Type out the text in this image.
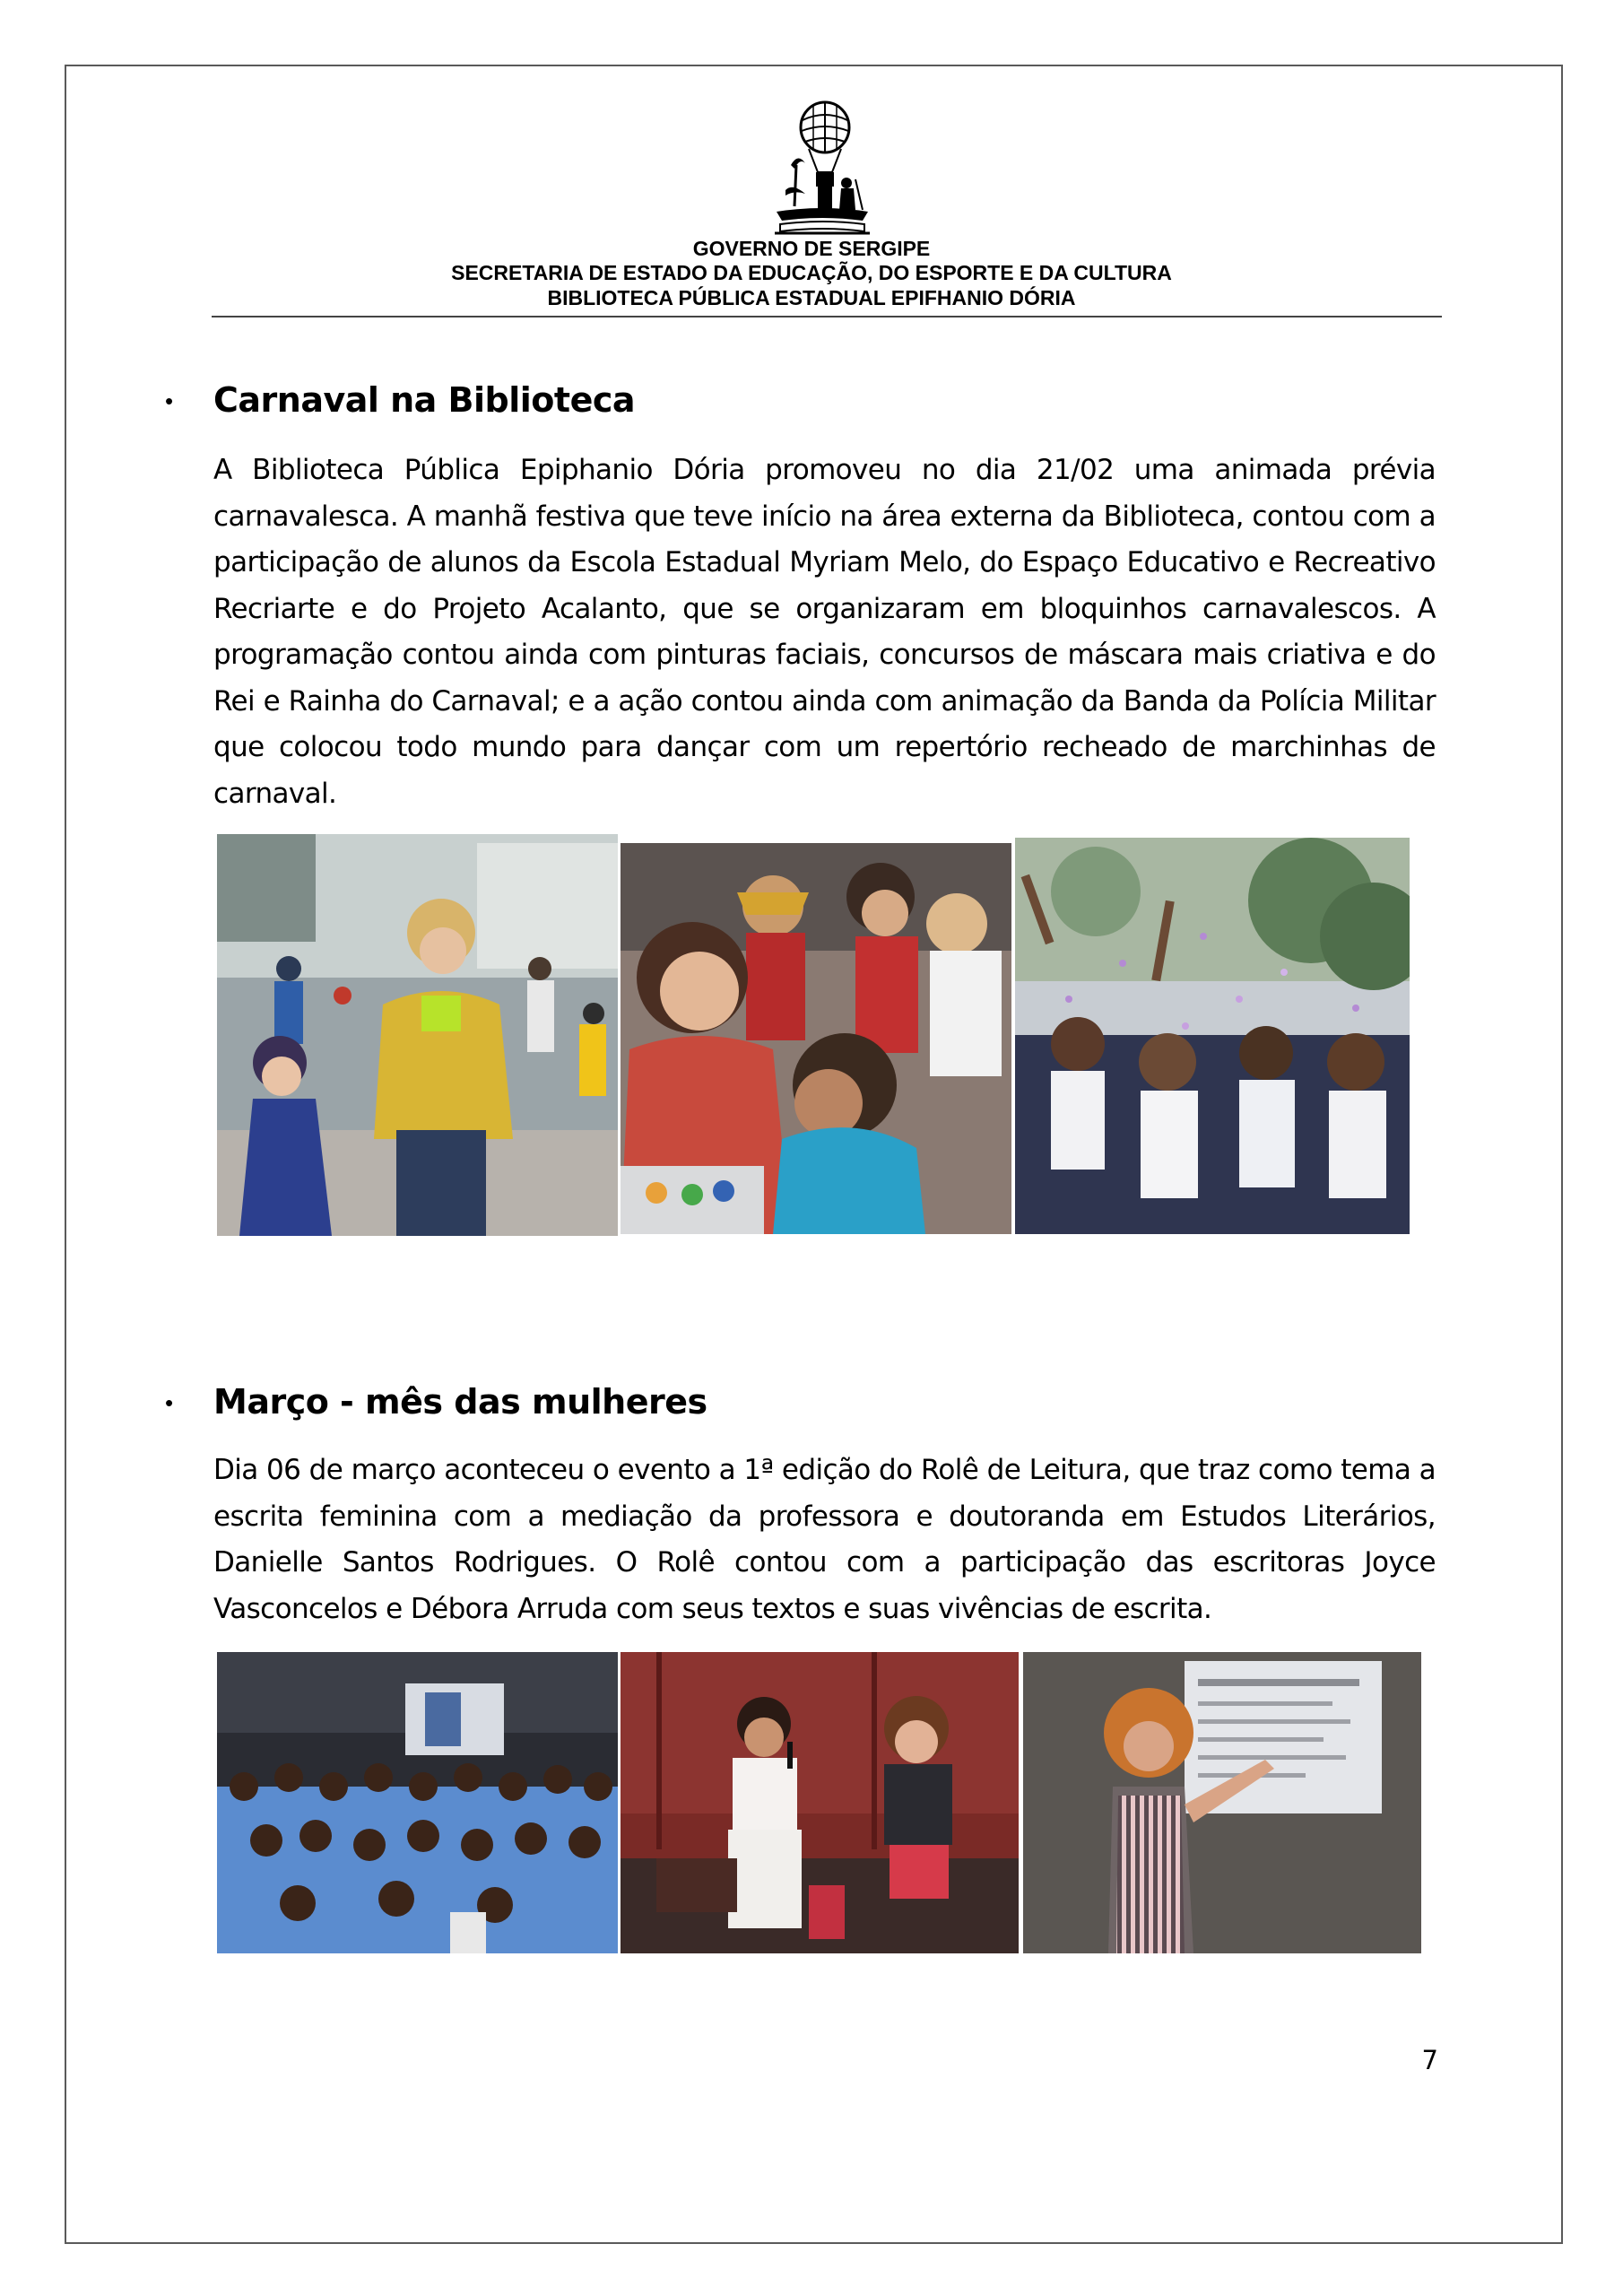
GOVERNO DE SERGIPE
SECRETARIA DE ESTADO DA EDUCAÇÃO, DO ESPORTE E DA CULTURA
BIBLIOTECA PÚBLICA ESTADUAL EPIFHANIO DÓRIA
• Carnaval na Biblioteca
A Biblioteca Pública Epiphanio Dória promoveu no dia 21/02 uma animada prévia carnavalesca. A manhã festiva que teve início na área externa da Biblioteca, contou com a participação de alunos da Escola Estadual Myriam Melo, do Espaço Educativo e Recreativo Recriarte e do Projeto Acalanto, que se organizaram em bloquinhos carnavalescos. A programação contou ainda com pinturas faciais, concursos de máscara mais criativa e do Rei e Rainha do Carnaval; e a ação contou ainda com animação da Banda da Polícia Militar que colocou todo mundo para dançar com um repertório recheado de marchinhas de carnaval.
• Março - mês das mulheres
Dia 06 de março aconteceu o evento a 1ª edição do Rolê de Leitura, que traz como tema a escrita feminina com a mediação da professora e doutoranda em Estudos Literários, Danielle Santos Rodrigues. O Rolê contou com a participação das escritoras Joyce Vasconcelos e Débora Arruda com seus textos e suas vivências de escrita.
7
